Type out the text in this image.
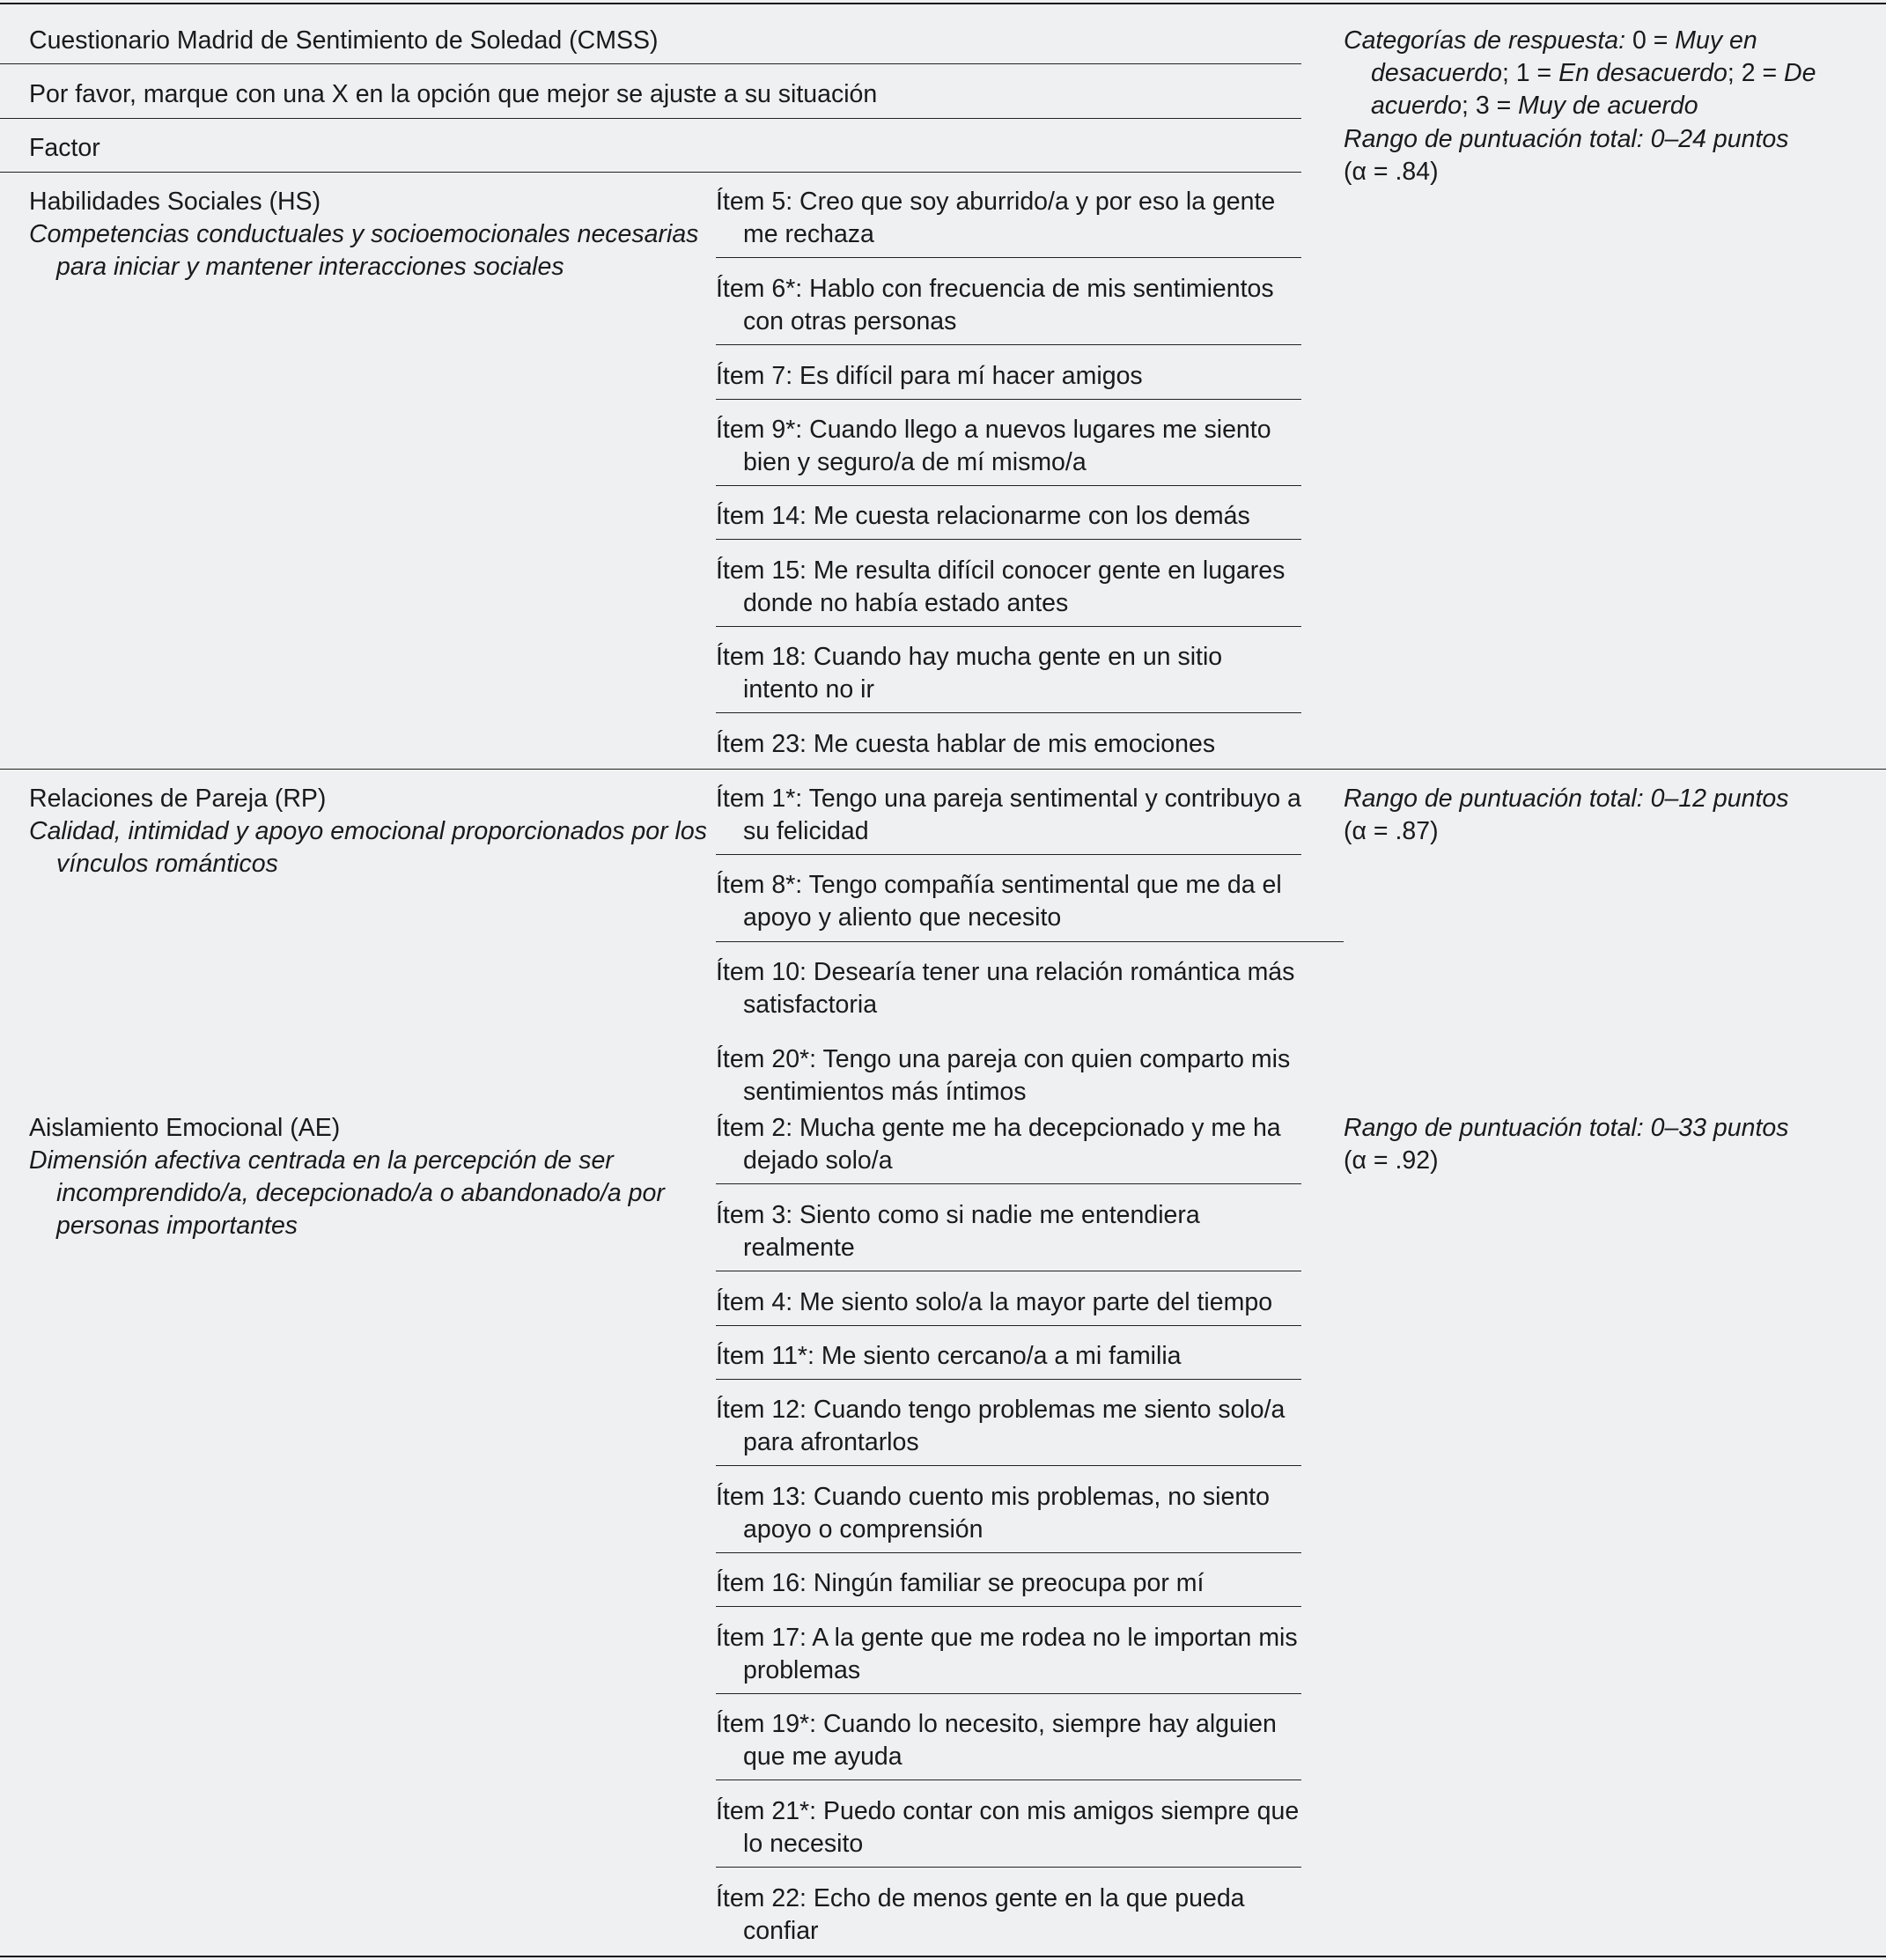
Cuestionario Madrid de Sentimiento de Soledad (CMSS)
Por favor, marque con una X en la opción que mejor se ajuste a su situación
Factor
Categorías de respuesta: 0 = Muy en
desacuerdo; 1 = En desacuerdo; 2 = De
acuerdo; 3 = Muy de acuerdo
Rango de puntuación total: 0–24 puntos
(α = .84)
Habilidades Sociales (HS)
Competencias conductuales y socioemocionales necesarias para iniciar y mantener interacciones sociales
Ítem 5: Creo que soy aburrido/a y por eso la gente me rechaza
Ítem 6*: Hablo con frecuencia de mis sentimientos con otras personas
Ítem 7: Es difícil para mí hacer amigos
Ítem 9*: Cuando llego a nuevos lugares me siento bien y seguro/a de mí mismo/a
Ítem 14: Me cuesta relacionarme con los demás
Ítem 15: Me resulta difícil conocer gente en lugares donde no había estado antes
Ítem 18: Cuando hay mucha gente en un sitio intento no ir
Ítem 23: Me cuesta hablar de mis emociones
Relaciones de Pareja (RP)
Calidad, intimidad y apoyo emocional proporcionados por los vínculos románticos
Rango de puntuación total: 0–12 puntos
(α = .87)
Ítem 1*: Tengo una pareja sentimental y contribuyo a su felicidad
Ítem 8*: Tengo compañía sentimental que me da el apoyo y aliento que necesito
Ítem 10: Desearía tener una relación romántica más satisfactoria
Ítem 20*: Tengo una pareja con quien comparto mis sentimientos más íntimos
Aislamiento Emocional (AE)
Dimensión afectiva centrada en la percepción de ser incomprendido/a, decepcionado/a o abandonado/a por personas importantes
Rango de puntuación total: 0–33 puntos
(α = .92)
Ítem 2: Mucha gente me ha decepcionado y me ha dejado solo/a
Ítem 3: Siento como si nadie me entendiera realmente
Ítem 4: Me siento solo/a la mayor parte del tiempo
Ítem 11*: Me siento cercano/a a mi familia
Ítem 12: Cuando tengo problemas me siento solo/a para afrontarlos
Ítem 13: Cuando cuento mis problemas, no siento apoyo o comprensión
Ítem 16: Ningún familiar se preocupa por mí
Ítem 17: A la gente que me rodea no le importan mis problemas
Ítem 19*: Cuando lo necesito, siempre hay alguien que me ayuda
Ítem 21*: Puedo contar con mis amigos siempre que lo necesito
Ítem 22: Echo de menos gente en la que pueda confiar
